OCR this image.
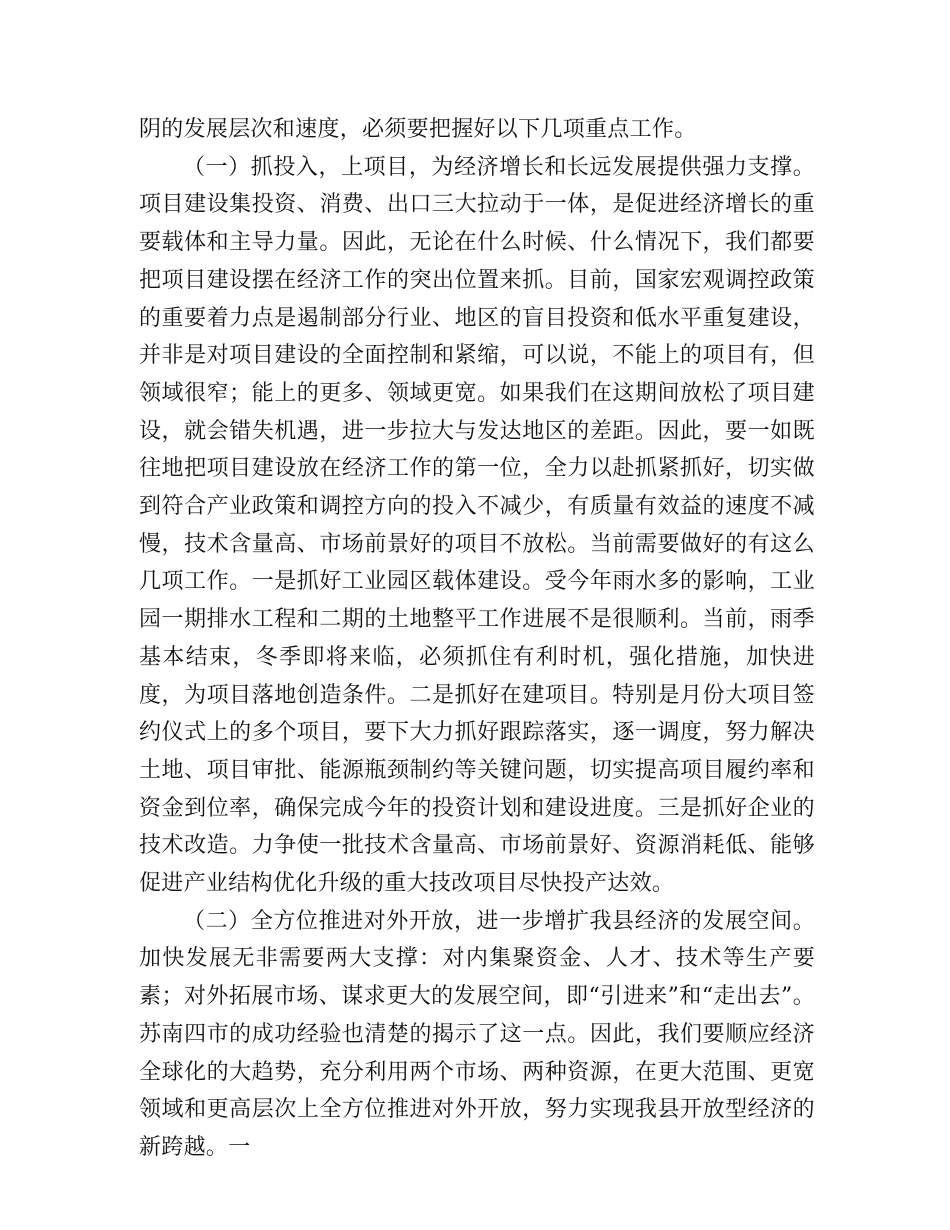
阴的发展层次和速度，必须要把握好以下几项重点工作。

（一）抓投入，上项目，为经济增长和长远发展提供强力支撑。项目建设集投资、消费、出口三大拉动于一体，是促进经济增长的重要载体和主导力量。因此，无论在什么时候、什么情况下，我们都要把项目建设摆在经济工作的突出位置来抓。目前，国家宏观调控政策的重要着力点是遏制部分行业、地区的盲目投资和低水平重复建设，并非是对项目建设的全面控制和紧缩，可以说，不能上的项目有，但领域很窄；能上的更多、领域更宽。如果我们在这期间放松了项目建设，就会错失机遇，进一步拉大与发达地区的差距。因此，要一如既往地把项目建设放在经济工作的第一位，全力以赴抓紧抓好，切实做到符合产业政策和调控方向的投入不减少，有质量有效益的速度不减慢，技术含量高、市场前景好的项目不放松。当前需要做好的有这么几项工作。一是抓好工业园区载体建设。受今年雨水多的影响，工业园一期排水工程和二期的土地整平工作进展不是很顺利。当前，雨季基本结束，冬季即将来临，必须抓住有利时机，强化措施，加快进度，为项目落地创造条件。二是抓好在建项目。特别是月份大项目签约仪式上的多个项目，要下大力抓好跟踪落实，逐一调度，努力解决土地、项目审批、能源瓶颈制约等关键问题，切实提高项目履约率和资金到位率，确保完成今年的投资计划和建设进度。三是抓好企业的技术改造。力争使一批技术含量高、市场前景好、资源消耗低、能够促进产业结构优化升级的重大技改项目尽快投产达效。

（二）全方位推进对外开放，进一步增扩我县经济的发展空间。加快发展无非需要两大支撑：对内集聚资金、人才、技术等生产要素；对外拓展市场、谋求更大的发展空间，即“引进来”和“走出去”。苏南四市的成功经验也清楚的揭示了这一点。因此，我们要顺应经济全球化的大趋势，充分利用两个市场、两种资源，在更大范围、更宽领域和更高层次上全方位推进对外开放，努力实现我县开放型经济的新跨越。一
